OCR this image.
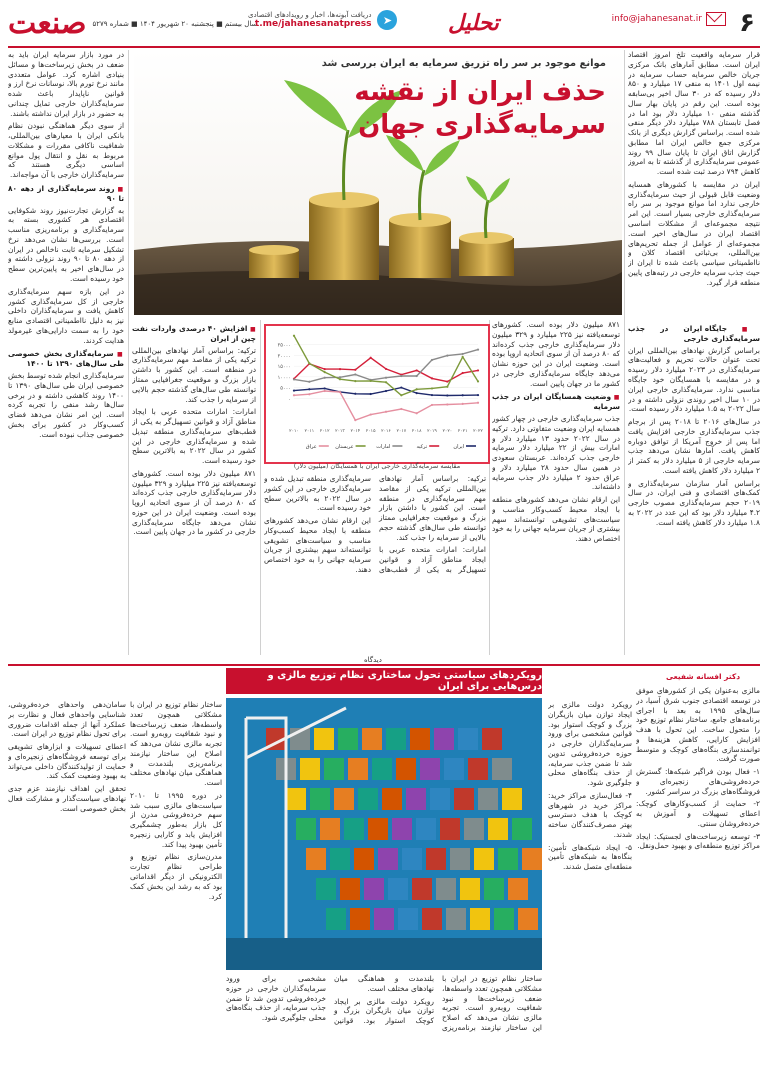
صنعت سال بیستم ■ پنجشنبه ۲۰ شهریور ۱۴۰۴ ■ شماره ۵۲۷۹
دریافت آبونه‌ها، اخبار و رویدادهای اقتصادی
t.me/jahanesanatpress	➤	تحلیل	info@jahanesanat.ir ۶

قرار سرمایه واقعیت تلخ امروز اقتصاد ایران است. مطابق آمارهای بانک مرکزی جریان خالص سرمایه حساب سرمایه در نیمه اول ۱۴۰۱ به منفی ۱۷ میلیارد و ۸۵۰ دلار رسیده که در ۳۰ سال اخیر بی‌سابقه بوده است. این رقم در پایان بهار سال گذشته منفی ۱۰ میلیارد دلار بود اما در فصل تابستان ۷۸۸ میلیارد دلار دیگر منفی شده است. براساس گزارش دیگری از بانک مرکزی جمع خالص ایران اما مطابق گزارش اتاق ایران تا پایان سال ۹۹ روند عمومی سرمایه‌گذاری از گذشته تا به امروز کاهش ۷۹۴ درصد ثبت شده است.

ایران در مقایسه با کشورهای همسایه وضعیت قابل قبولی از حیث سرمایه‌گذاری خارجی ندارد اما موانع موجود بر سر راه سرمایه‌گذاری خارجی بسیار است. این امر نتیجه مجموعه‌ای از مشکلات اساسی اقتصاد ایران در سال‌های اخیر است. مجموعه‌ای از عوامل از جمله تحریم‌های بین‌المللی، بی‌ثباتی اقتصاد کلان و نااطمینانی سیاسی باعث شده تا ایران از حیث جذب سرمایه خارجی در رتبه‌های پایین منطقه قرار گیرد.

■ جایگاه ایران در جذب سرمایه‌گذاری خارجی

براساس گزارش نهادهای بین‌المللی ایران تحت عنوان حالات تحریم و فعالیت‌های سرمایه‌گذاری در ۲۰۲۳ میلیارد دلار رسیده و در مقایسه با همسایگان خود جایگاه مناسبی ندارد. سرمایه‌گذاری خارجی ایران در ۱۰ سال اخیر روندی نزولی داشته و در سال ۲۰۲۲ به ۱.۵ میلیارد دلار رسیده است.

در سال‌های ۲۰۱۶ تا ۲۰۱۸ پس از برجام جذب سرمایه‌گذاری خارجی افزایش یافت اما پس از خروج آمریکا از توافق دوباره کاهش یافت. آمارها نشان می‌دهد جذب سرمایه خارجی از ۵ میلیارد دلار به کمتر از ۲ میلیارد دلار کاهش یافته است.

براساس آمار سازمان سرمایه‌گذاری و کمک‌های اقتصادی و فنی ایران، در سال ۲۰۱۹ حجم سرمایه‌گذاری مصوب خارجی ۴.۲ میلیارد دلار بود که این عدد در ۲۰۲۲ به ۱.۸ میلیارد دلار کاهش یافته است.

موانع موجود بر سر راه تزریق سرمایه به ایران بررسی شد
حذف ایران از نقشه
سرمایه‌گذاری جهان

۸۷۱ میلیون دلار بوده است. کشورهای توسعه‌یافته نیز ۲۲۵ میلیارد و ۳۲۹ میلیون دلار سرمایه‌گذاری خارجی جذب کرده‌اند که ۸۰ درصد آن از سوی اتحادیه اروپا بوده است. وضعیت ایران در این حوزه نشان می‌دهد جایگاه سرمایه‌گذاری خارجی در کشور ما در جهان پایین است.

■ وضعیت همسایگان ایران در جذب سرمایه

جذب سرمایه‌گذاری خارجی در چهار کشور همسایه ایران وضعیت متفاوتی دارد. ترکیه در سال ۲۰۲۲ حدود ۱۳ میلیارد دلار و امارات بیش از ۲۲ میلیارد دلار سرمایه خارجی جذب کرده‌اند. عربستان سعودی در همین سال حدود ۲۸ میلیارد دلار و عراق حدود ۲ میلیارد دلار جذب سرمایه داشته‌اند.

این ارقام نشان می‌دهد کشورهای منطقه با ایجاد محیط کسب‌وکار مناسب و سیاست‌های تشویقی توانسته‌اند سهم بیشتری از جریان سرمایه جهانی را به خود اختصاص دهند.

۰
۵۰۰۰
۱۰۰۰۰
۱۵۰۰۰
۲۰۰۰۰
۲۵۰۰۰
۲۰۱۰ ۲۰۱۱ ۲۰۱۲ ۲۰۱۳ ۲۰۱۴ ۲۰۱۵ ۲۰۱۶ ۲۰۱۷ ۲۰۱۸ ۲۰۱۹ ۲۰۲۰ ۲۰۲۱ ۲۰۲۲
ایران
ترکیه
امارات
عربستان
عراق
مقایسه سرمایه‌گذاری خارجی ایران با همسایگان (میلیون دلار)

ترکیه: براساس آمار نهادهای بین‌المللی ترکیه یکی از مقاصد مهم سرمایه‌گذاری در منطقه است. این کشور با داشتن بازار بزرگ و موقعیت جغرافیایی ممتاز توانسته طی سال‌های گذشته حجم بالایی از سرمایه را جذب کند.

امارات: امارات متحده عربی با ایجاد مناطق آزاد و قوانین تسهیل‌گر به یکی از قطب‌های سرمایه‌گذاری منطقه تبدیل شده و سرمایه‌گذاری خارجی در این کشور در سال ۲۰۲۲ به بالاترین سطح خود رسیده است.

این ارقام نشان می‌دهد کشورهای منطقه با ایجاد محیط کسب‌وکار مناسب و سیاست‌های تشویقی توانسته‌اند سهم بیشتری از جریان سرمایه جهانی را به خود اختصاص دهند.

■ افزایش ۴۰ درصدی واردات نفت چین از ایران

ترکیه: براساس آمار نهادهای بین‌المللی ترکیه یکی از مقاصد مهم سرمایه‌گذاری در منطقه است. این کشور با داشتن بازار بزرگ و موقعیت جغرافیایی ممتاز توانسته طی سال‌های گذشته حجم بالایی از سرمایه را جذب کند.

امارات: امارات متحده عربی با ایجاد مناطق آزاد و قوانین تسهیل‌گر به یکی از قطب‌های سرمایه‌گذاری منطقه تبدیل شده و سرمایه‌گذاری خارجی در این کشور در سال ۲۰۲۲ به بالاترین سطح خود رسیده است.

۸۷۱ میلیون دلار بوده است. کشورهای توسعه‌یافته نیز ۲۲۵ میلیارد و ۳۲۹ میلیون دلار سرمایه‌گذاری خارجی جذب کرده‌اند که ۸۰ درصد آن از سوی اتحادیه اروپا بوده است. وضعیت ایران در این حوزه نشان می‌دهد جایگاه سرمایه‌گذاری خارجی در کشور ما در جهان پایین است.

در مورد بازار سرمایه ایران باید به ضعف در بخش زیرساخت‌ها و مسائل بنیادی اشاره کرد. عوامل متعددی مانند نرخ تورم بالا، نوسانات نرخ ارز و قوانین ناپایدار باعث شده سرمایه‌گذاران خارجی تمایل چندانی به حضور در بازار ایران نداشته باشند.

از سوی دیگر هماهنگی نبودن نظام بانکی ایران با معیارهای بین‌المللی، شفافیت ناکافی مقررات و مشکلات مربوط به نقل و انتقال پول موانع اساسی دیگری هستند که سرمایه‌گذاران خارجی با آن مواجه‌اند.

■ روند سرمایه‌گذاری از دهه ۸۰ تا ۹۰

به گزارش تجارت‌نیوز روند شکوفایی اقتصادی هر کشوری بسته به سرمایه‌گذاری و برنامه‌ریزی مناسب است. بررسی‌ها نشان می‌دهد نرخ تشکیل سرمایه ثابت ناخالص در ایران از دهه ۸۰ تا ۹۰ روند نزولی داشته و در سال‌های اخیر به پایین‌ترین سطح خود رسیده است.

در این بازه سهم سرمایه‌گذاری خارجی از کل سرمایه‌گذاری کشور کاهش یافت و سرمایه‌گذاران داخلی نیز به دلیل نااطمینانی اقتصادی منابع خود را به سمت دارایی‌های غیرمولد هدایت کردند.

■ سرمایه‌گذاری بخش خصوصی طی سال‌های ۱۳۹۰ تا ۱۴۰۰

سرمایه‌گذاری انجام شده توسط بخش خصوصی ایران طی سال‌های ۱۳۹۰ تا ۱۴۰۰ روند کاهشی داشته و در برخی سال‌ها رشد منفی را تجربه کرده است. این امر نشان می‌دهد فضای کسب‌وکار در کشور برای بخش خصوصی جذاب نبوده است.

دیدگاه
رویکردهای سیاستی تحول ساختاری نظام توزیع مالزی و درس‌هایی برای ایران
دکتر افسانه شفیعی

مالزی به‌عنوان یکی از کشورهای موفق در توسعه اقتصادی جنوب شرق آسیا، در سال‌های ۱۹۹۵ به بعد با اجرای برنامه‌های جامع، ساختار نظام توزیع خود را متحول ساخت. این تحول با هدف افزایش کارایی، کاهش هزینه‌ها و توانمندسازی بنگاه‌های کوچک و متوسط صورت گرفت.

۱- فعال بودن فراگیر شبکه‌ها: گسترش خرده‌فروشی‌های زنجیره‌ای و فروشگاه‌های بزرگ در سراسر کشور.

۲- حمایت از کسب‌وکارهای کوچک: اعطای تسهیلات و آموزش به خرده‌فروشان سنتی.

۳- توسعه زیرساخت‌های لجستیک: ایجاد مراکز توزیع منطقه‌ای و بهبود حمل‌ونقل.

رویکرد دولت مالزی بر ایجاد توازن میان بازیگران بزرگ و کوچک استوار بود. قوانین مشخصی برای ورود سرمایه‌گذاران خارجی در حوزه خرده‌فروشی تدوین شد تا ضمن جذب سرمایه، از حذف بنگاه‌های محلی جلوگیری شود.

۴- فعال‌سازی مراکز خرید: مراکز خرید در شهرهای کوچک با هدف دسترسی بهتر مصرف‌کنندگان ساخته شدند.

۵- ایجاد شبکه‌های تأمین: بنگاه‌ها به شبکه‌های تأمین منطقه‌ای متصل شدند.

ساختار نظام توزیع در ایران با مشکلاتی همچون تعدد واسطه‌ها، ضعف زیرساخت‌ها و نبود شفافیت روبه‌رو است. تجربه مالزی نشان می‌دهد که اصلاح این ساختار نیازمند برنامه‌ریزی بلندمدت و هماهنگی میان نهادهای مختلف است.

رویکرد دولت مالزی بر ایجاد توازن میان بازیگران بزرگ و کوچک استوار بود. قوانین مشخصی برای ورود سرمایه‌گذاران خارجی در حوزه خرده‌فروشی تدوین شد تا ضمن جذب سرمایه، از حذف بنگاه‌های محلی جلوگیری شود.

ساختار نظام توزیع در ایران با مشکلاتی همچون تعدد واسطه‌ها، ضعف زیرساخت‌ها و نبود شفافیت روبه‌رو است. تجربه مالزی نشان می‌دهد که اصلاح این ساختار نیازمند برنامه‌ریزی بلندمدت و هماهنگی میان نهادهای مختلف است.

در دوره ۱۹۹۵ تا ۲۰۱۰ سیاست‌های مالزی سبب شد سهم خرده‌فروشی مدرن از کل بازار به‌طور چشمگیری افزایش یابد و کارایی زنجیره تأمین بهبود پیدا کند.

مدرن‌سازی نظام توزیع و طراحی نظام تجارت الکترونیکی از دیگر اقداماتی بود که به رشد این بخش کمک کرد.

سامان‌دهی واحدهای خرده‌فروشی، شناسایی واحدهای فعال و نظارت بر عملکرد آنها از جمله اقدامات ضروری برای تحول نظام توزیع در ایران است.

اعطای تسهیلات و ابزارهای تشویقی برای توسعه فروشگاه‌های زنجیره‌ای و حمایت از تولیدکنندگان داخلی می‌تواند به بهبود وضعیت کمک کند.

تحقق این اهداف نیازمند عزم جدی نهادهای سیاست‌گذار و مشارکت فعال بخش خصوصی است.
